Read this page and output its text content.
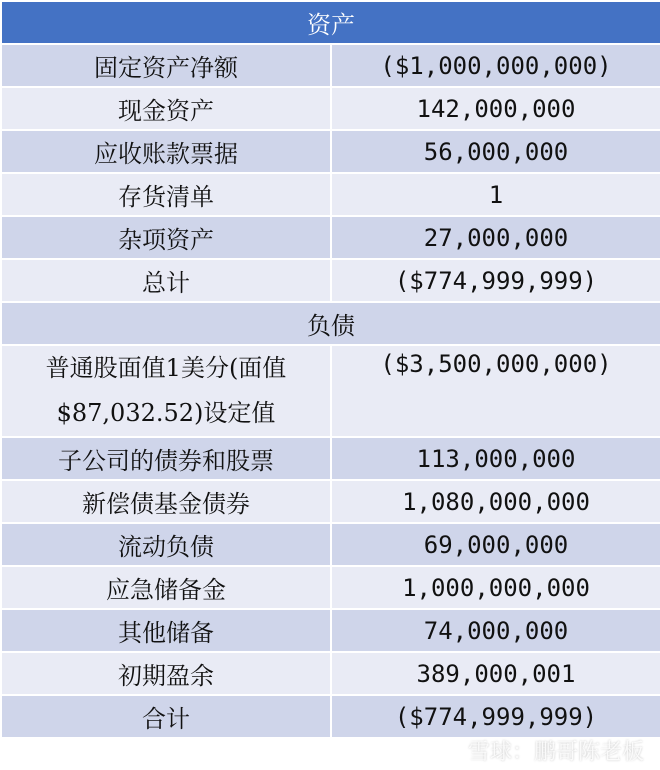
资产	
固定资产净额	($1,000,000,000)
现金资产	142,000,000
应收账款票据	56,000,000
存货清单	1
杂项资产	27,000,000
总计	($774,999,999)
负债	
普通股面值1美分(面值$87,032.52)设定值	($3,500,000,000)
子公司的债券和股票	113,000,000
新偿债基金债券	1,080,000,000
流动负债	69,000,000
应急储备金	1,000,000,000
其他储备	74,000,000
初期盈余	389,000,001
合计	($774,999,999)
雪球：鹏哥陈老板
